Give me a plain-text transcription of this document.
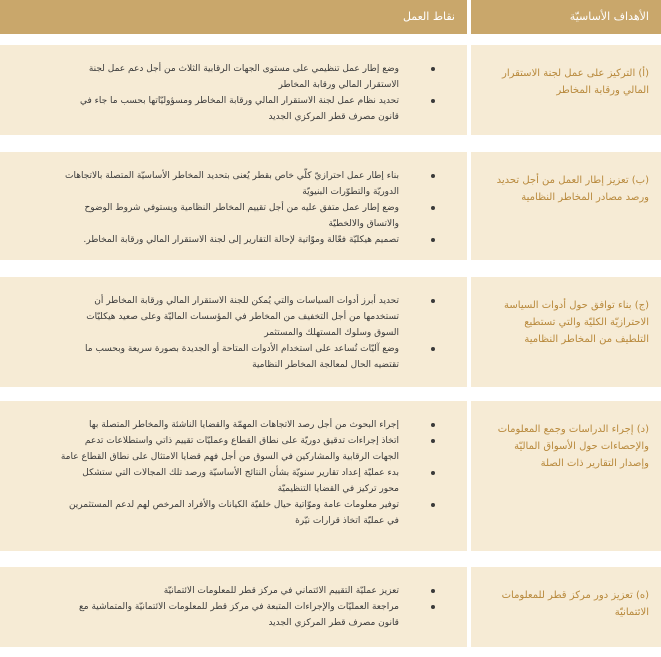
الأهداف الأساسيّة
نقاط العمل
(أ) التركيز على عمل لجنة الاستقرار المالي ورقابة المخاطر
وضع إطار عمل تنظيمي على مستوى الجهات الرقابية الثلاث من أجل دعم عمل لجنة الاستقرار المالي ورقابة المخاطر
تحديد نظام عمل لجنة الاستقرار المالي ورقابة المخاطر ومسؤوليّاتها بحسب ما جاء في قانون مصرف قطر المركزي الجديد
(ب) تعزيز إطار العمل من أجل تحديد ورصد مصادر المخاطر النظامية
بناء إطار عمل احترازيّ كلّي خاص بقطر يُعنى بتحديد المخاطر الأساسيّة المتصلة بالاتجاهات الدوريّة والتطوّرات البنيويّة
وضع إطار عمل متفق عليه من أجل تقييم المخاطر النظامية ويستوفي شروط الوضوح والاتساق والالخطيّة
تصميم هيكليّة فعّالة وموّاتية لإحالة التقارير إلى لجنة الاستقرار المالي ورقابة المخاطر.
(ج) بناء توافق حول أدوات السياسة الاحترازيّة الكليّة والتي تستطيع التلطيف من المخاطر النظامية
تحديد أبرز أدوات السياسات والتي يُمكن للجنة الاستقرار المالي ورقابة المخاطر أن تستخدمها من أجل التخفيف من المخاطر في المؤسسات الماليّة وعلى صعيد هيكليّات السوق وسلوك المستهلك والمستثمر
وضع آليّات تُساعد على استخدام الأدوات المتاحة أو الجديدة بصورة سريعة وبحسب ما تقتضيه الحال لمعالجة المخاطر النظامية
(د) إجراء الدراسات وجمع المعلومات والإحصاءات حول الأسواق الماليّة وإصدار التقارير ذات الصلة
إجراء البحوث من أجل رصد الاتجاهات المهمّة والقضايا الناشئة والمخاطر المتصلة بها
اتخاذ إجراءات تدقيق دوريّة على نطاق القطاع وعمليّات تقييم ذاتي واستطلاعات تدعم الجهات الرقابية والمشاركين في السوق من أجل فهم قضايا الامتثال على نطاق القطاع عامة
بدء عمليّة إعداد تقارير سنويّة بشأن النتائج الأساسيّة ورصد تلك المجالات التي ستشكل محور تركيز في القضايا التنظيميّة
توفير معلومات عامة وموّاتية حيال خلفيّة الكيانات والأفراد المرخص لهم لدعم المستثمرين في عمليّة اتخاذ قرارات نيّرة
(ه) تعزيز دور مركز قطر للمعلومات الائتمانيّة
تعزيز عمليّة التقييم الائتماني في مركز قطر للمعلومات الائتمانيّة
مراجعة العمليّات والإجراءات المتبعة في مركز قطر للمعلومات الائتمانيّة والمتماشية مع قانون مصرف قطر المركزي الجديد
